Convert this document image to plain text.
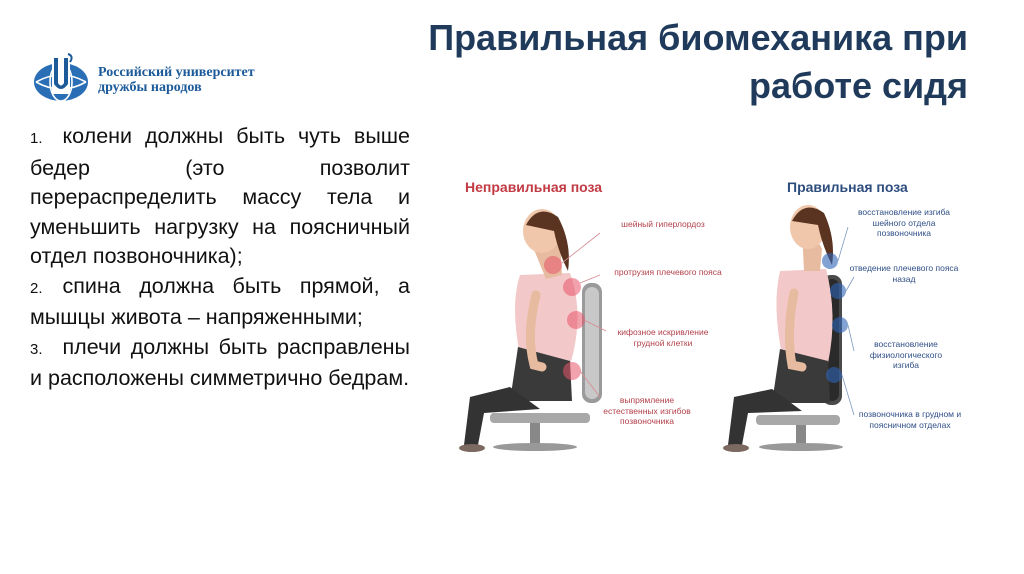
Правильная биомеханика при работе сидя
Российский университет
дружбы народов
1. колени должны быть чуть выше бедер (это позволит перераспределить массу тела и уменьшить нагрузку на поясничный отдел позвоночника);
2. спина должна быть прямой, а мышцы живота – напряженными;
3. плечи должны быть расправлены и расположены симметрично бедрам.
Неправильная поза	Правильная поза
шейный гиперлордоз
протрузия плечевого пояса
кифозное искривление грудной клетки
выпрямление естественных изгибов позвоночника
восстановление изгиба шейного отдела позвоночника
отведение плечевого пояса назад
восстановление физиологического изгиба
позвоночника в грудном и поясничном отделах
